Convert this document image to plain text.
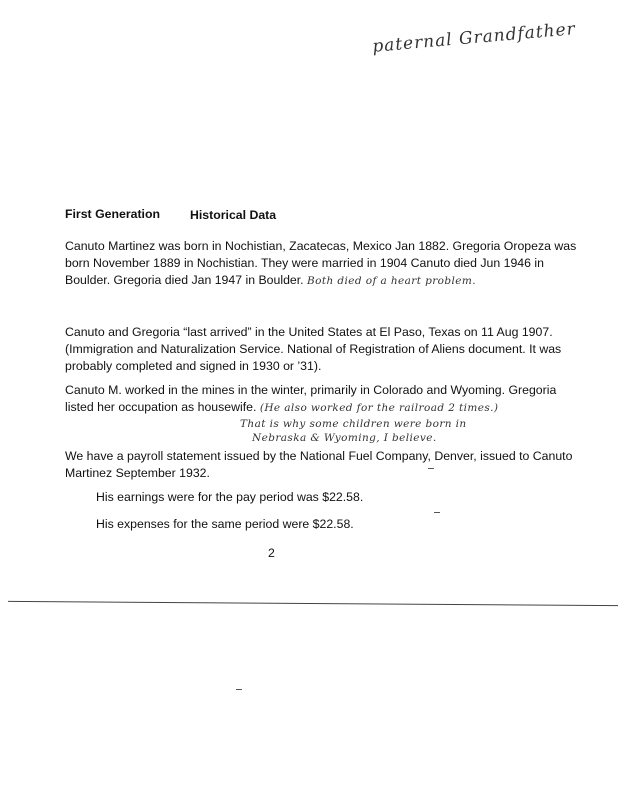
paternal Grandfather
First Generation Historical Data
Canuto Martinez was born in Nochistian, Zacatecas, Mexico Jan 1882. Gregoria Oropeza was
born November 1889 in Nochistian. They were married in 1904 Canuto died Jun 1946 in
Boulder. Gregoria died Jan 1947 in Boulder. Both died of a heart problem.
Canuto and Gregoria “last arrived” in the United States at El Paso, Texas on 11 Aug 1907.
(Immigration and Naturalization Service. National of Registration of Aliens document. It was
probably completed and signed in 1930 or ’31).
Canuto M. worked in the mines in the winter, primarily in Colorado and Wyoming. Gregoria
listed her occupation as housewife. (He also worked for the railroad 2 times.)
That is why some children were born in
Nebraska & Wyoming, I believe.
We have a payroll statement issued by the National Fuel Company, Denver, issued to Canuto
Martinez September 1932.
His earnings were for the pay period was $22.58.
His expenses for the same period were $22.58.
2
